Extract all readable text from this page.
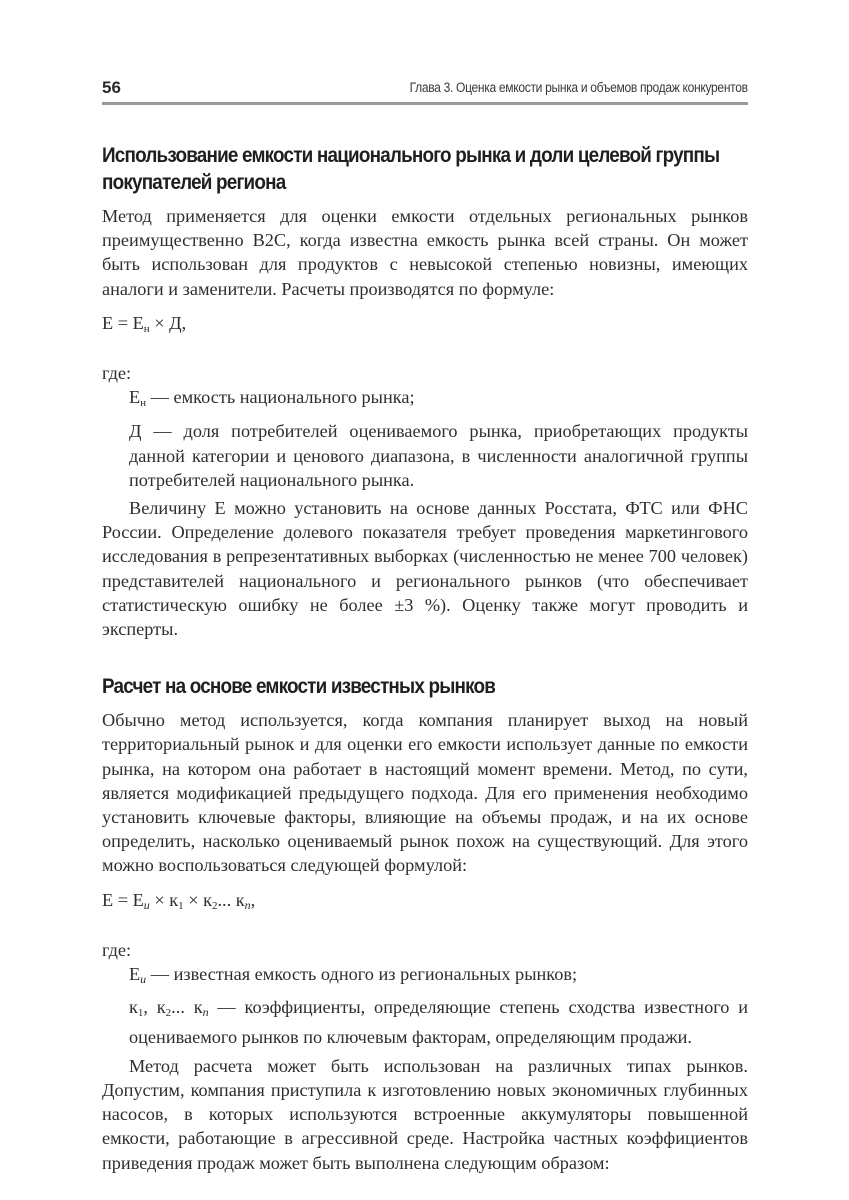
56	Глава 3. Оценка емкости рынка и объемов продаж конкурентов
Использование емкости национального рынка и доли целевой группы покупателей региона

Метод применяется для оценки емкости отдельных региональных рынков преимущественно B2C, когда известна емкость рынка всей страны. Он может быть использован для продуктов с невысокой степенью новизны, имеющих аналоги и заменители. Расчеты производятся по формуле:

$Е = Е_н \times Д$,

где:

$Е_н$ — емкость национального рынка;

Д — доля потребителей оцениваемого рынка, приобретающих продукты данной категории и ценового диапазона, в численности аналогичной группы потребителей национального рынка.

Величину Е можно установить на основе данных Росстата, ФТС или ФНС России. Определение долевого показателя требует проведения маркетингового исследования в репрезентативных выборках (численностью не менее 700 человек) представителей национального и регионального рынков (что обеспечивает статистическую ошибку не более ±3 %). Оценку также могут проводить и эксперты.

Расчет на основе емкости известных рынков

Обычно метод используется, когда компания планирует выход на новый территориальный рынок и для оценки его емкости использует данные по емкости рынка, на котором она работает в настоящий момент времени. Метод, по сути, является модификацией предыдущего подхода. Для его применения необходимо установить ключевые факторы, влияющие на объемы продаж, и на их основе определить, насколько оцениваемый рынок похож на существующий. Для этого можно воспользоваться следующей формулой:

Е = Еи × $к_1 \times к_2$... кn,

где:

Еи — известная емкость одного из региональных рынков;

$к_1$, $к_2$... кn — коэффициенты, определяющие степень сходства известного и оцениваемого рынков по ключевым факторам, определяющим продажи.

Метод расчета может быть использован на различных типах рынков. Допустим, компания приступила к изготовлению новых экономичных глубинных насосов, в которых используются встроенные аккумуляторы повышенной емкости, работающие в агрессивной среде. Настройка частных коэффициентов приведения продаж может быть выполнена следующим образом:
